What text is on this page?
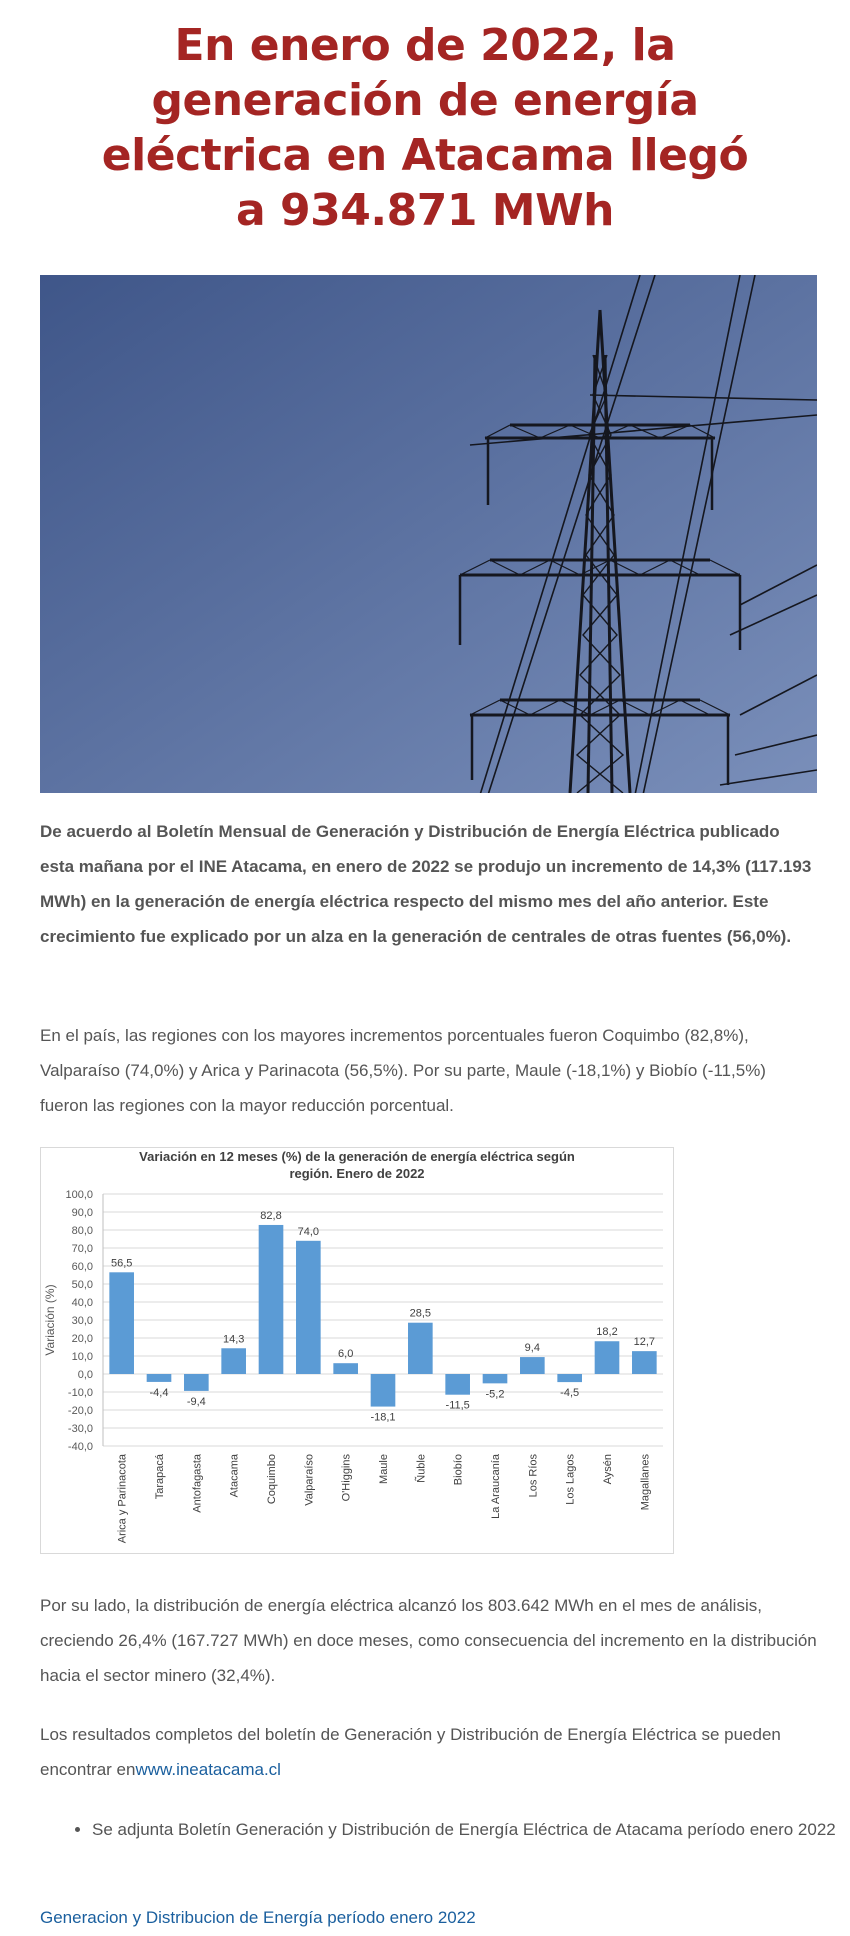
En enero de 2022, la generación de energía eléctrica en Atacama llegó a 934.871 MWh

De acuerdo al Boletín Mensual de Generación y Distribución de Energía Eléctrica publicado esta mañana por el INE Atacama, en enero de 2022 se produjo un incremento de 14,3% (117.193 MWh) en la generación de energía eléctrica respecto del mismo mes del año anterior. Este crecimiento fue explicado por un alza en la generación de centrales de otras fuentes (56,0%).

En el país, las regiones con los mayores incrementos porcentuales fueron Coquimbo (82,8%), Valparaíso (74,0%) y Arica y Parinacota (56,5%). Por su parte, Maule (-18,1%) y Biobío (-11,5%) fueron las regiones con la mayor reducción porcentual.

Variación en 12 meses (%) de la generación de energía eléctrica según
región. Enero de 2022
100,0
90,0
80,0
70,0
60,0
50,0
40,0
30,0
20,0
10,0
0,0
-10,0
-20,0
-30,0
-40,0
Variación (%)
56,5
Arica y Parinacota
-4,4
Tarapacá
-9,4
Antofagasta
14,3
Atacama
82,8
Coquimbo
74,0
Valparaíso
6,0
O'Higgins
-18,1
Maule
28,5
Ñuble
-11,5
Biobío
-5,2
La Araucanía
9,4
Los Ríos
-4,5
Los Lagos
18,2
Aysén
12,7
Magallanes

Por su lado, la distribución de energía eléctrica alcanzó los 803.642 MWh en el mes de análisis, creciendo 26,4% (167.727 MWh) en doce meses, como consecuencia del incremento en la distribución hacia el sector minero (32,4%).

Los resultados completos del boletín de Generación y Distribución de Energía Eléctrica se pueden encontrar enwww.ineatacama.cl

• Se adjunta Boletín Generación y Distribución de Energía Eléctrica de Atacama período enero 2022
Generacion y Distribucion de Energía período enero 2022
